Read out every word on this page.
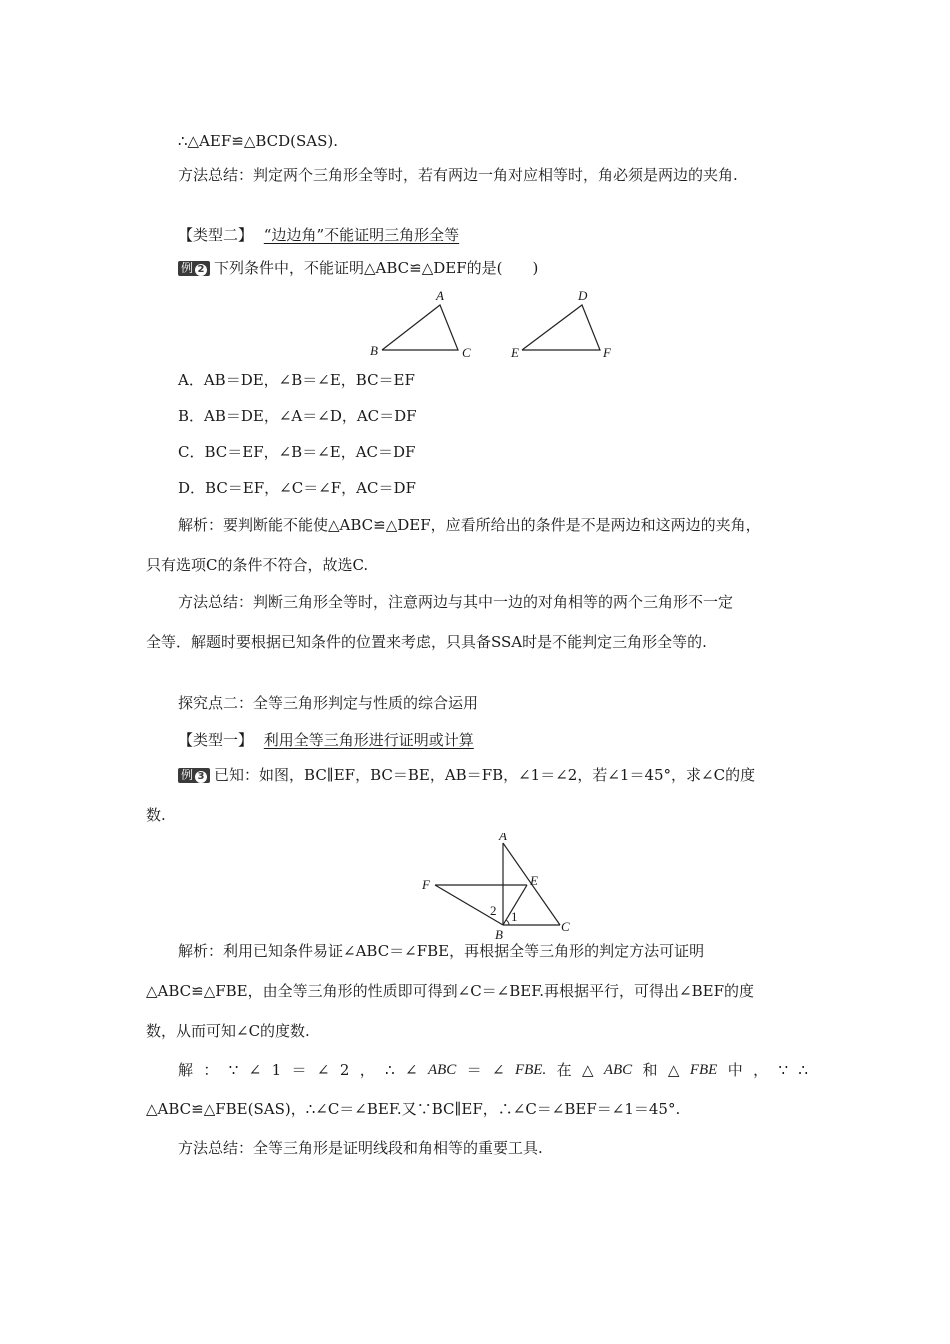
∴△AEF≌△BCD(SAS).
方法总结：判定两个三角形全等时，若有两边一角对应相等时，角必须是两边的夹角.
【类型二】 “边边角”不能证明三角形全等
例 2 下列条件中，不能证明△ABC≌△DEF的是(　　)
A
B	C
D
E	F
A．AB＝DE，∠B＝∠E，BC＝EF
B．AB＝DE，∠A＝∠D，AC＝DF
C．BC＝EF，∠B＝∠E，AC＝DF
D．BC＝EF，∠C＝∠F，AC＝DF
解析：要判断能不能使△ABC≌△DEF，应看所给出的条件是不是两边和这两边的夹角，
只有选项C的条件不符合，故选C.
方法总结：判断三角形全等时，注意两边与其中一边的对角相等的两个三角形不一定
全等．解题时要根据已知条件的位置来考虑，只具备SSA时是不能判定三角形全等的.
探究点二：全等三角形判定与性质的综合运用
【类型一】 利用全等三角形进行证明或计算
例 3 已知：如图，BC∥EF，BC＝BE，AB＝FB，∠1＝∠2，若∠1＝45°，求∠C的度
数.
A
B
C
E
F
1
2
解析：利用已知条件易证∠ABC＝∠FBE，再根据全等三角形的判定方法可证明
△ABC≌△FBE，由全等三角形的性质即可得到∠C＝∠BEF.再根据平行，可得出∠BEF的度
数，从而可知∠C的度数.
解 ： ∵ ∠ 1 ＝ ∠ 2 ， ∴ ∠ ABC ＝ ∠ FBE. 在 △ ABC 和 △ FBE 中 ， ∵ ∴
△ABC≌△FBE(SAS)，∴∠C＝∠BEF.又∵BC∥EF，∴∠C＝∠BEF＝∠1＝45°.
方法总结：全等三角形是证明线段和角相等的重要工具.
